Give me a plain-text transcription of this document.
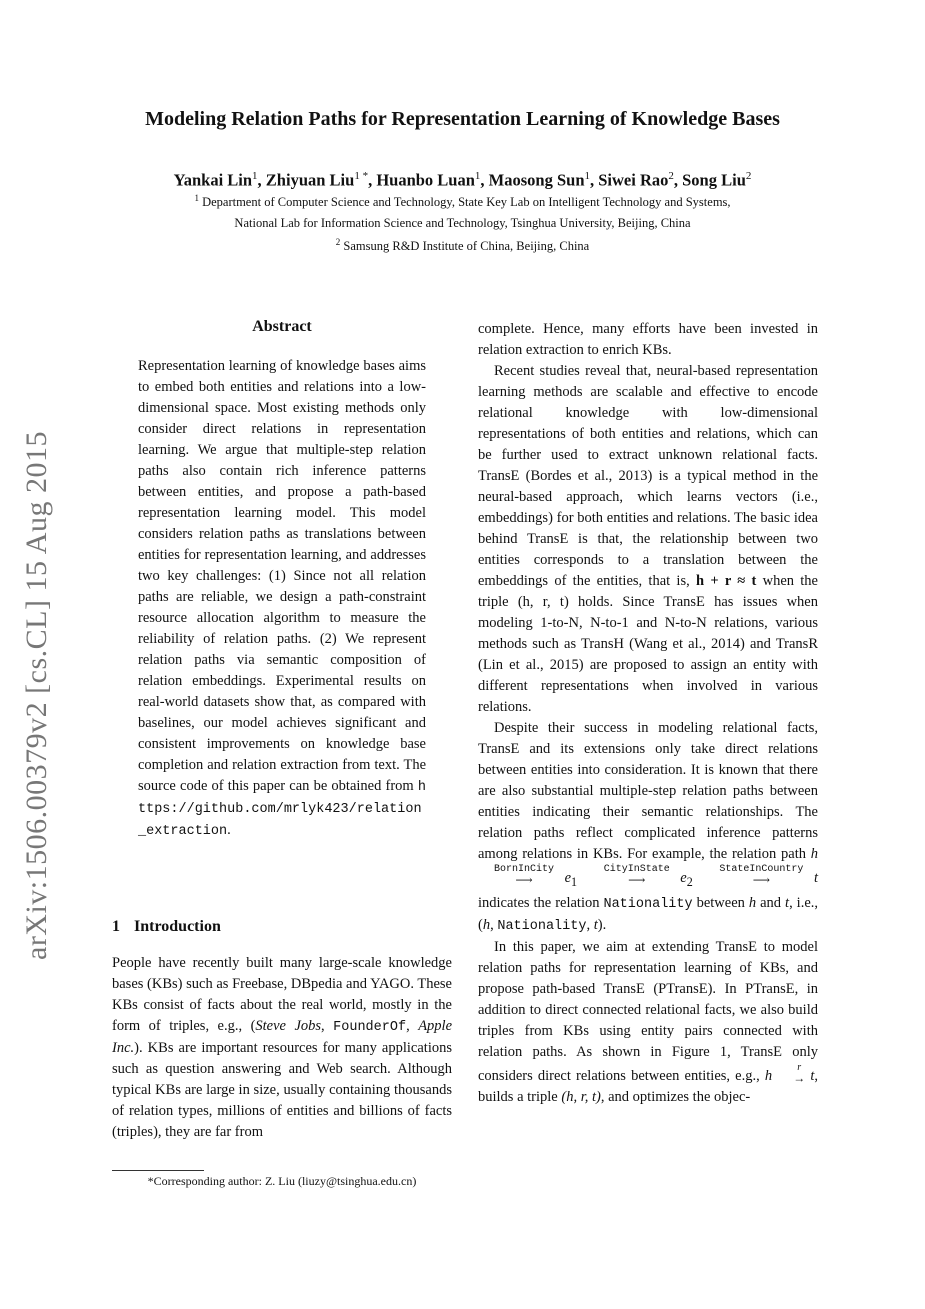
arXiv:1506.00379v2 [cs.CL] 15 Aug 2015
Modeling Relation Paths for Representation Learning of Knowledge Bases
Yankai Lin$^1$, Zhiyuan Liu$^{1 *}$, Huanbo Luan$^1$, Maosong Sun$^1$, Siwei Rao$^2$, Song Liu$^2$
$^1$ Department of Computer Science and Technology, State Key Lab on Intelligent Technology and Systems,
National Lab for Information Science and Technology, Tsinghua University, Beijing, China
$^2$ Samsung R&D Institute of China, Beijing, China
Abstract
Representation learning of knowledge bases aims to embed both entities and relations into a low-dimensional space. Most existing methods only consider direct relations in representation learning. We argue that multiple-step relation paths also contain rich inference patterns between entities, and propose a path-based representation learning model. This model considers relation paths as translations between entities for representation learning, and addresses two key challenges: (1) Since not all relation paths are reliable, we design a path-constraint resource allocation algorithm to measure the reliability of relation paths. (2) We represent relation paths via semantic composition of relation embeddings. Experimental results on real-world datasets show that, as compared with baselines, our model achieves significant and consistent improvements on knowledge base completion and relation extraction from text. The source code of this paper can be obtained from https://github.com/mrlyk423/relation_extraction.
1 Introduction

People have recently built many large-scale knowledge bases (KBs) such as Freebase, DBpedia and YAGO. These KBs consist of facts about the real world, mostly in the form of triples, e.g., (Steve Jobs, FounderOf, Apple Inc.). KBs are important resources for many applications such as question answering and Web search. Although typical KBs are large in size, usually containing thousands of relation types, millions of entities and billions of facts (triples), they are far from

*Corresponding author: Z. Liu (liuzy@tsinghua.edu.cn)

complete. Hence, many efforts have been invested in relation extraction to enrich KBs.

Recent studies reveal that, neural-based representation learning methods are scalable and effective to encode relational knowledge with low-dimensional representations of both entities and relations, which can be further used to extract unknown relational facts. TransE (Bordes et al., 2013) is a typical method in the neural-based approach, which learns vectors (i.e., embeddings) for both entities and relations. The basic idea behind TransE is that, the relationship between two entities corresponds to a translation between the embeddings of the entities, that is, h + r ≈ t when the triple (h, r, t) holds. Since TransE has issues when modeling 1-to-N, N-to-1 and N-to-N relations, various methods such as TransH (Wang et al., 2014) and TransR (Lin et al., 2015) are proposed to assign an entity with different representations when involved in various relations.

Despite their success in modeling relational facts, TransE and its extensions only take direct relations between entities into consideration. It is known that there are also substantial multiple-step relation paths between entities indicating their semantic relationships. The relation paths reflect complicated inference patterns among relations in KBs. For example, the relation path h
BornInCity
⟶	$e_1$
CityInState
⟶	$e_2$
StateInCountry
⟶	t indicates the relation Nationality between h and t, i.e., (h, Nationality, t).

In this paper, we aim at extending TransE to model relation paths for representation learning of KBs, and propose path-based TransE (PTransE). In PTransE, in addition to direct connected relational facts, we also build triples from KBs using entity pairs connected with relation paths. As shown in Figure 1, TransE only considers direct relations between entities, e.g., h
r
→ t, builds a triple (h, r, t), and optimizes the objec-
